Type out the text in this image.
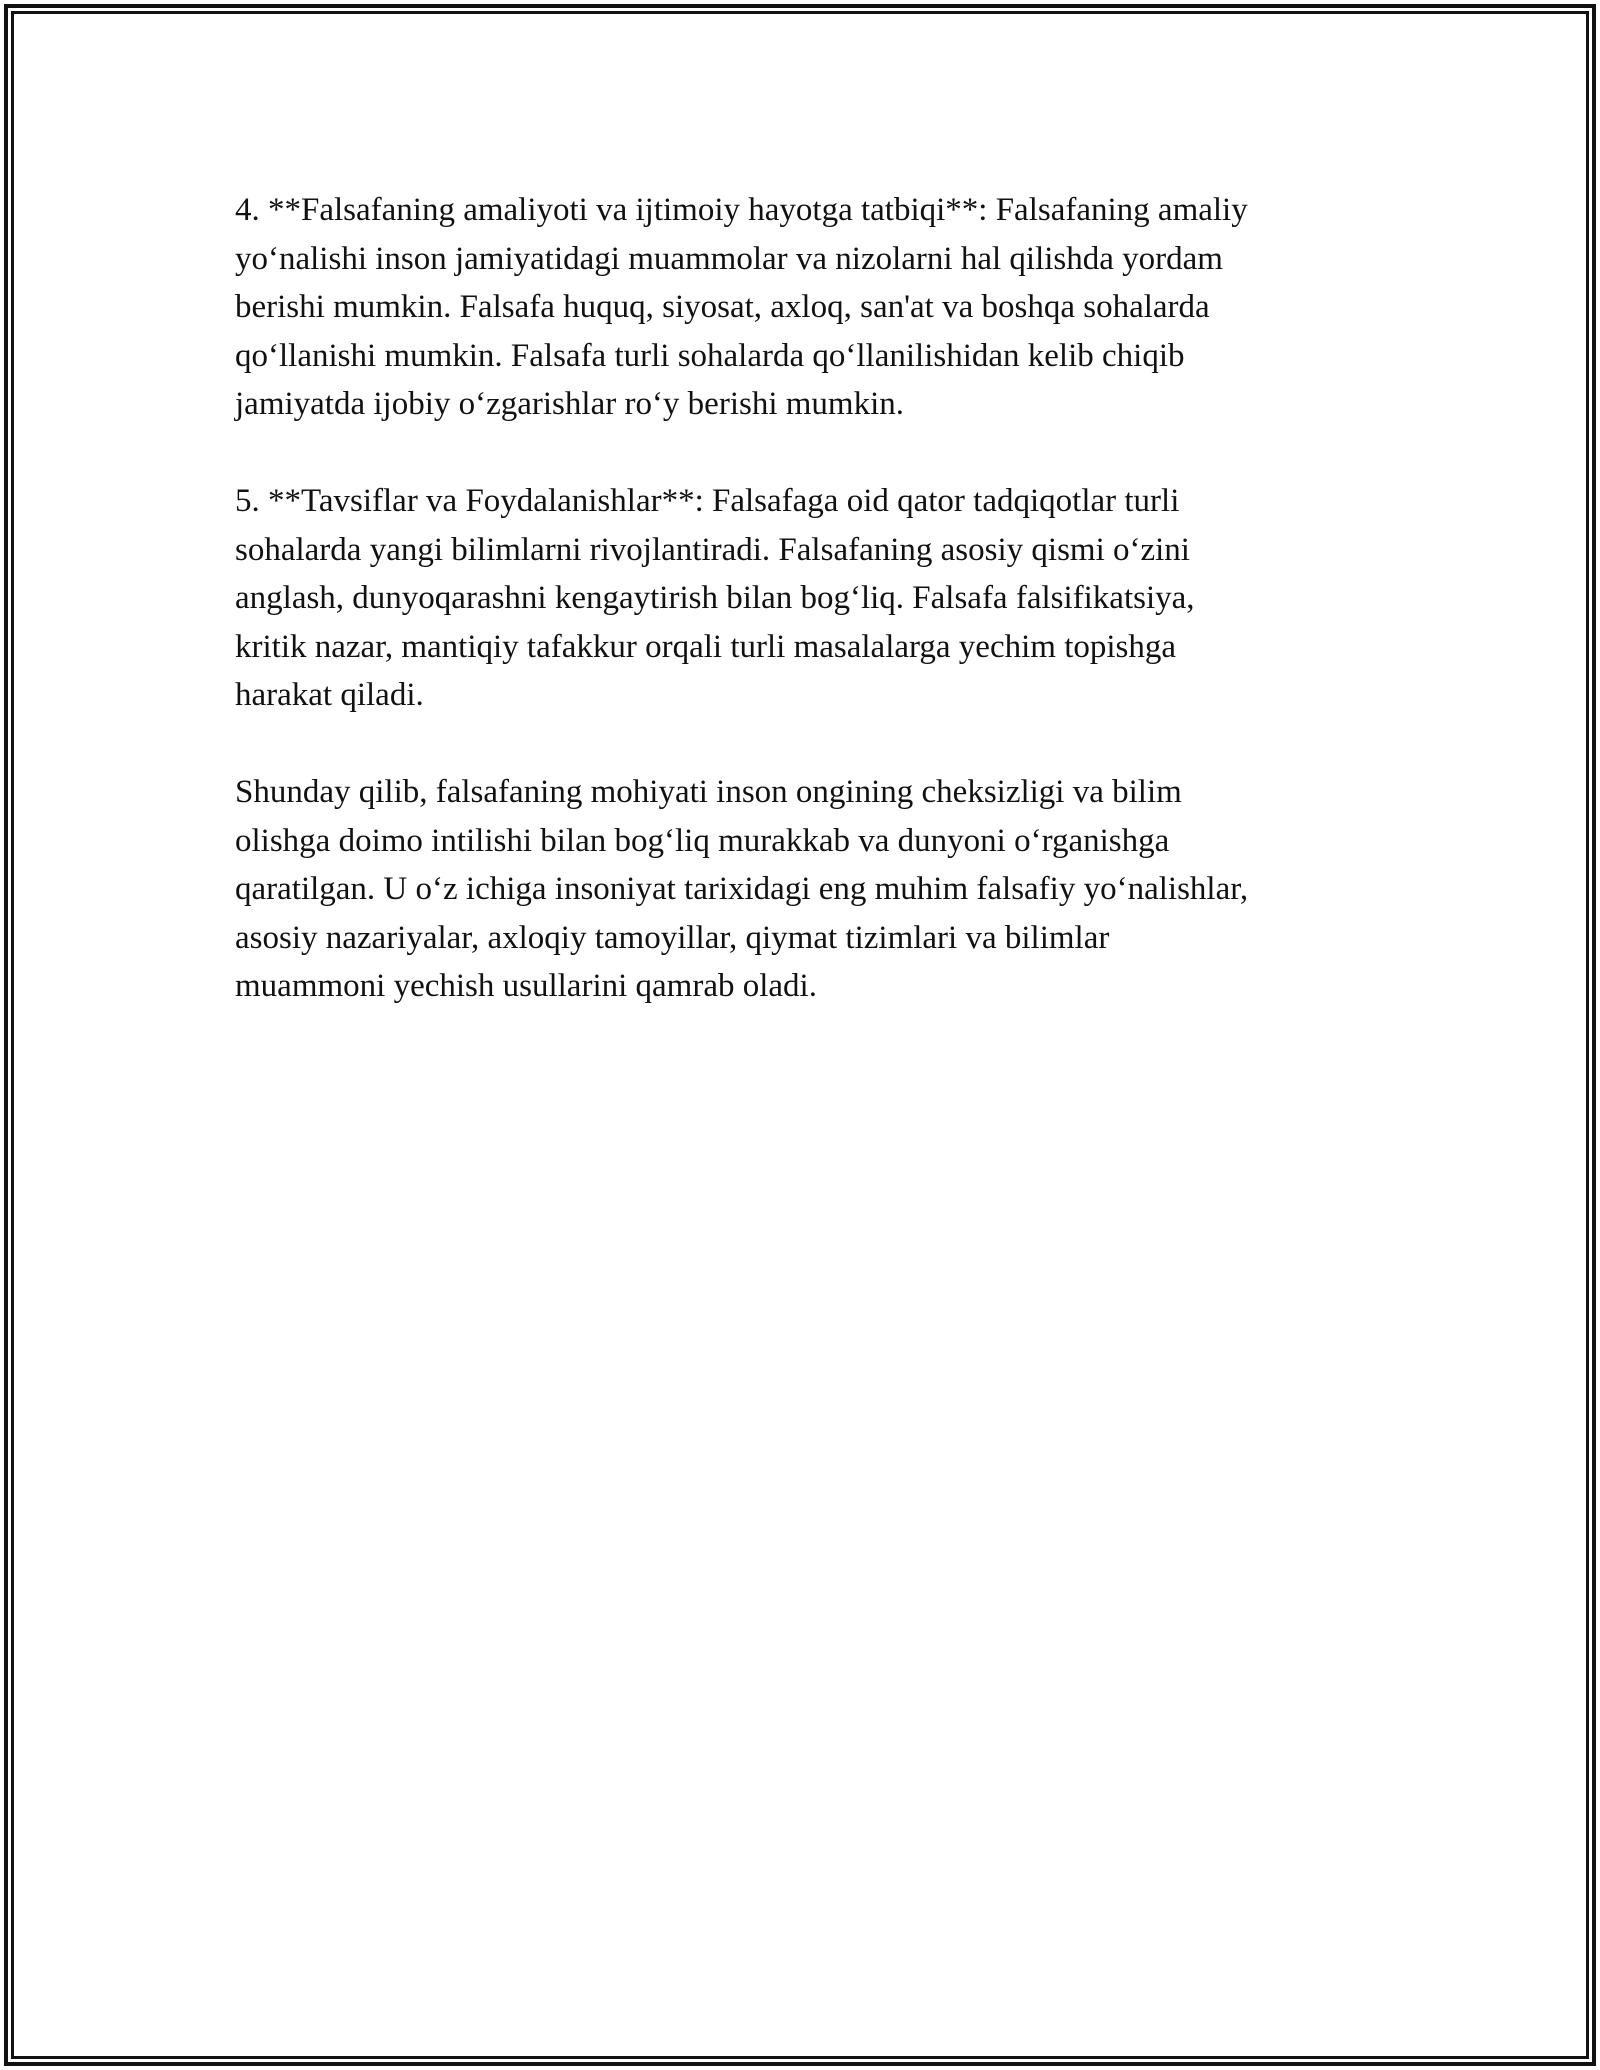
4. **Falsafaning amaliyoti va ijtimoiy hayotga tatbiqi**: Falsafaning amaliy
yo‘nalishi inson jamiyatidagi muammolar va nizolarni hal qilishda yordam
berishi mumkin. Falsafa huquq, siyosat, axloq, san'at va boshqa sohalarda
qo‘llanishi mumkin. Falsafa turli sohalarda qo‘llanilishidan kelib chiqib
jamiyatda ijobiy o‘zgarishlar ro‘y berishi mumkin.

5. **Tavsiflar va Foydalanishlar**: Falsafaga oid qator tadqiqotlar turli
sohalarda yangi bilimlarni rivojlantiradi. Falsafaning asosiy qismi o‘zini
anglash, dunyoqarashni kengaytirish bilan bog‘liq. Falsafa falsifikatsiya,
kritik nazar, mantiqiy tafakkur orqali turli masalalarga yechim topishga
harakat qiladi.

Shunday qilib, falsafaning mohiyati inson ongining cheksizligi va bilim
olishga doimo intilishi bilan bog‘liq murakkab va dunyoni o‘rganishga
qaratilgan. U o‘z ichiga insoniyat tarixidagi eng muhim falsafiy yo‘nalishlar,
asosiy nazariyalar, axloqiy tamoyillar, qiymat tizimlari va bilimlar
muammoni yechish usullarini qamrab oladi.
